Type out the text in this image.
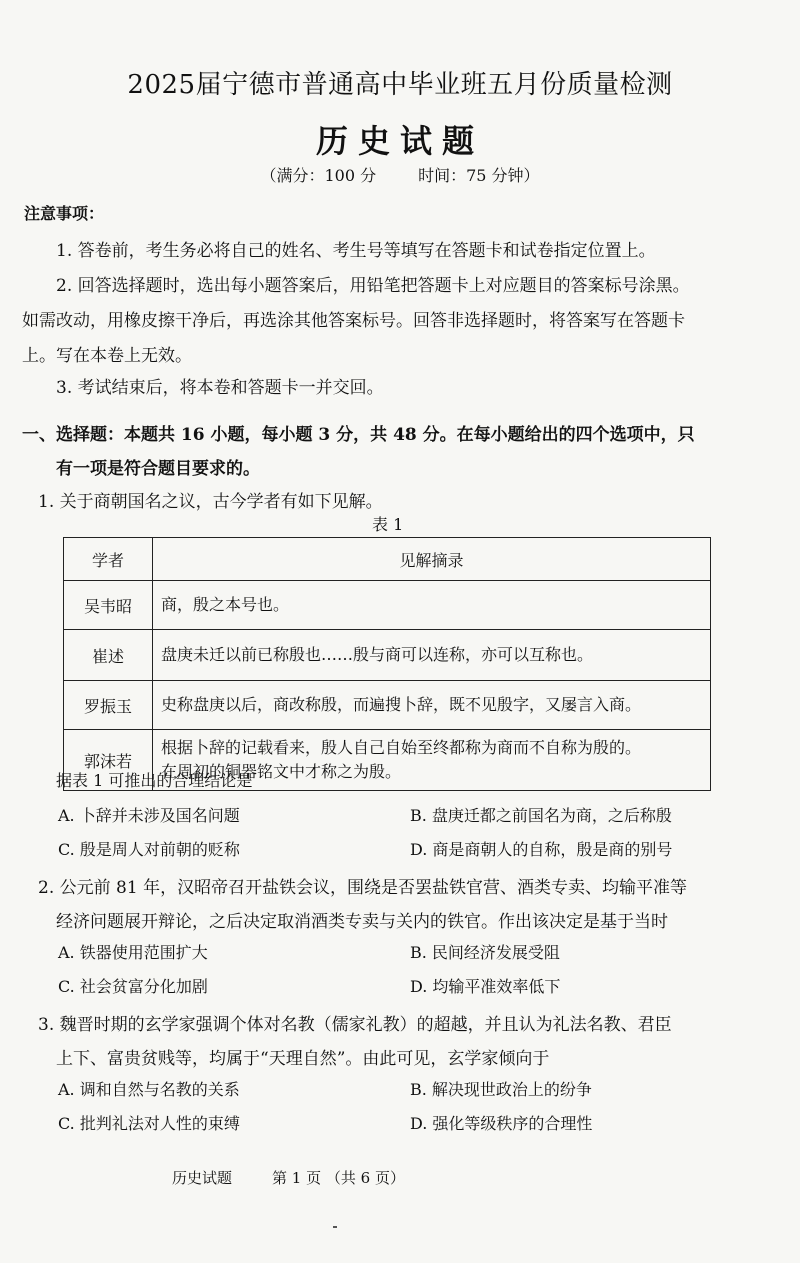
2025届宁德市普通高中毕业班五月份质量检测
历史试题
（满分：100 分	时间：75 分钟）
注意事项：
1. 答卷前，考生务必将自己的姓名、考生号等填写在答题卡和试卷指定位置上。
2. 回答选择题时，选出每小题答案后，用铅笔把答题卡上对应题目的答案标号涂黑。
如需改动，用橡皮擦干净后，再选涂其他答案标号。回答非选择题时，将答案写在答题卡
上。写在本卷上无效。
3. 考试结束后，将本卷和答题卡一并交回。
一、选择题：本题共 16 小题，每小题 3 分，共 48 分。在每小题给出的四个选项中，只
有一项是符合题目要求的。
1. 关于商朝国名之议，古今学者有如下见解。
表 1
学者	见解摘录
吴韦昭	商，殷之本号也。
崔述	盘庚未迁以前已称殷也……殷与商可以连称，亦可以互称也。
罗振玉	史称盘庚以后，商改称殷，而遍搜卜辞，既不见殷字，又屡言入商。
郭沫若	根据卜辞的记载看来，殷人自己自始至终都称为商而不自称为殷的。
在周初的铜器铭文中才称之为殷。
据表 1 可推出的合理结论是
A. 卜辞并未涉及国名问题	B. 盘庚迁都之前国名为商，之后称殷
C. 殷是周人对前朝的贬称	D. 商是商朝人的自称，殷是商的别号
2. 公元前 81 年，汉昭帝召开盐铁会议，围绕是否罢盐铁官营、酒类专卖、均输平准等
经济问题展开辩论，之后决定取消酒类专卖与关内的铁官。作出该决定是基于当时
A. 铁器使用范围扩大	B. 民间经济发展受阻
C. 社会贫富分化加剧	D. 均输平准效率低下
3. 魏晋时期的玄学家强调个体对名教（儒家礼教）的超越，并且认为礼法名教、君臣
上下、富贵贫贱等，均属于“天理自然”。由此可见，玄学家倾向于
A. 调和自然与名教的关系	B. 解决现世政治上的纷争
C. 批判礼法对人性的束缚	D. 强化等级秩序的合理性
历史试题	第 1 页 （共 6 页）
